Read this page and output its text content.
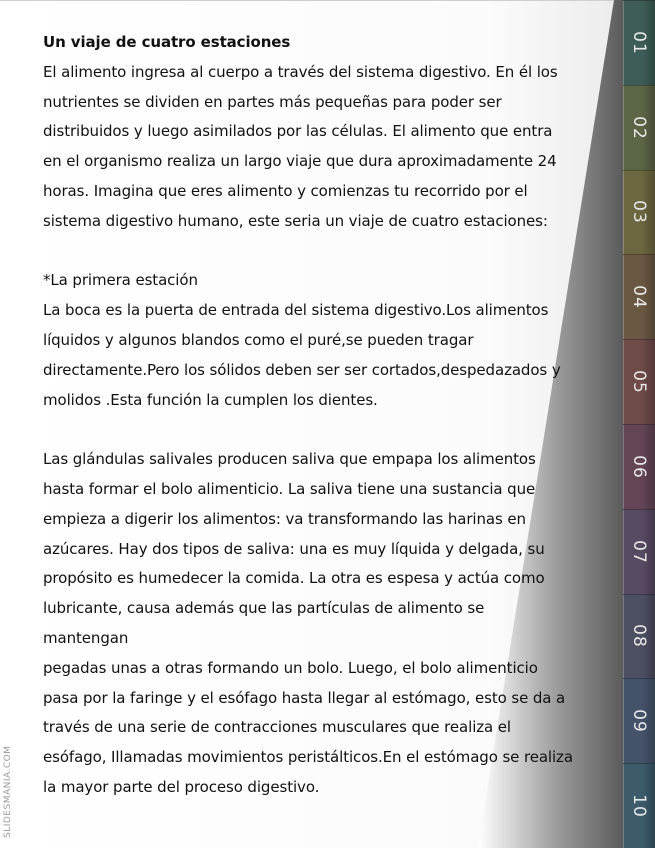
Un viaje de cuatro estaciones

El alimento ingresa al cuerpo a través del sistema digestivo. En él los

nutrientes se dividen en partes más pequeñas para poder ser

distribuidos y luego asimilados por las células. El alimento que entra

en el organismo realiza un largo viaje que dura aproximadamente 24

horas. Imagina que eres alimento y comienzas tu recorrido por el

sistema digestivo humano, este seria un viaje de cuatro estaciones:

*La primera estación

La boca es la puerta de entrada del sistema digestivo.Los alimentos

líquidos y algunos blandos como el puré,se pueden tragar

directamente.Pero los sólidos deben ser ser cortados,despedazados y

molidos .Esta función la cumplen los dientes.

Las glándulas salivales producen saliva que empapa los alimentos

hasta formar el bolo alimenticio. La saliva tiene una sustancia que

empieza a digerir los alimentos: va transformando las harinas en

azúcares. Hay dos tipos de saliva: una es muy líquida y delgada, su

propósito es humedecer la comida. La otra es espesa y actúa como

lubricante, causa además que las partículas de alimento se mantengan

pegadas unas a otras formando un bolo. Luego, el bolo alimenticio

pasa por la faringe y el esófago hasta llegar al estómago, esto se da a

través de una serie de contracciones musculares que realiza el

esófago, Illamadas movimientos peristálticos.En el estómago se realiza

la mayor parte del proceso digestivo.

01
02
03
04
05
06
07
08
09
10
SLIDESMANIA.COM
